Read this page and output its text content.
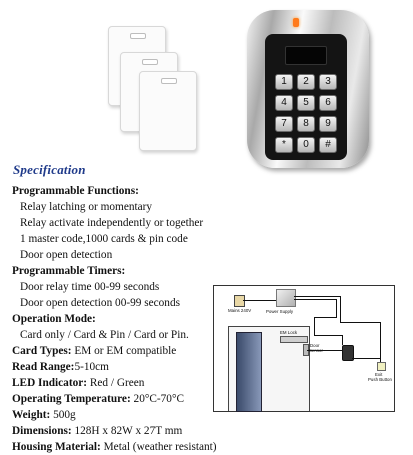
1	2	3
4	5	6
7	8	9
*	0	#
Specification
Programmable Functions:
Relay latching or momentary
Relay activate independently or together
1 master code,1000 cards & pin code
Door open detection
Programmable Timers:
Door relay time 00-99 seconds
Door open detection 00-99 seconds
Operation Mode:
Card only / Card & Pin / Card or Pin.
Card Types: EM or EM compatible
Read Range:5-10cm
LED Indicator: Red / Green
Operating Temperature: 20°C-70°C
Weight: 500g
Dimensions: 128H x 82W x 27T mm
Housing Material: Metal (weather resistant)
Mains 240V	Power Supply
EM Lock
Door
Exit
Push Button
